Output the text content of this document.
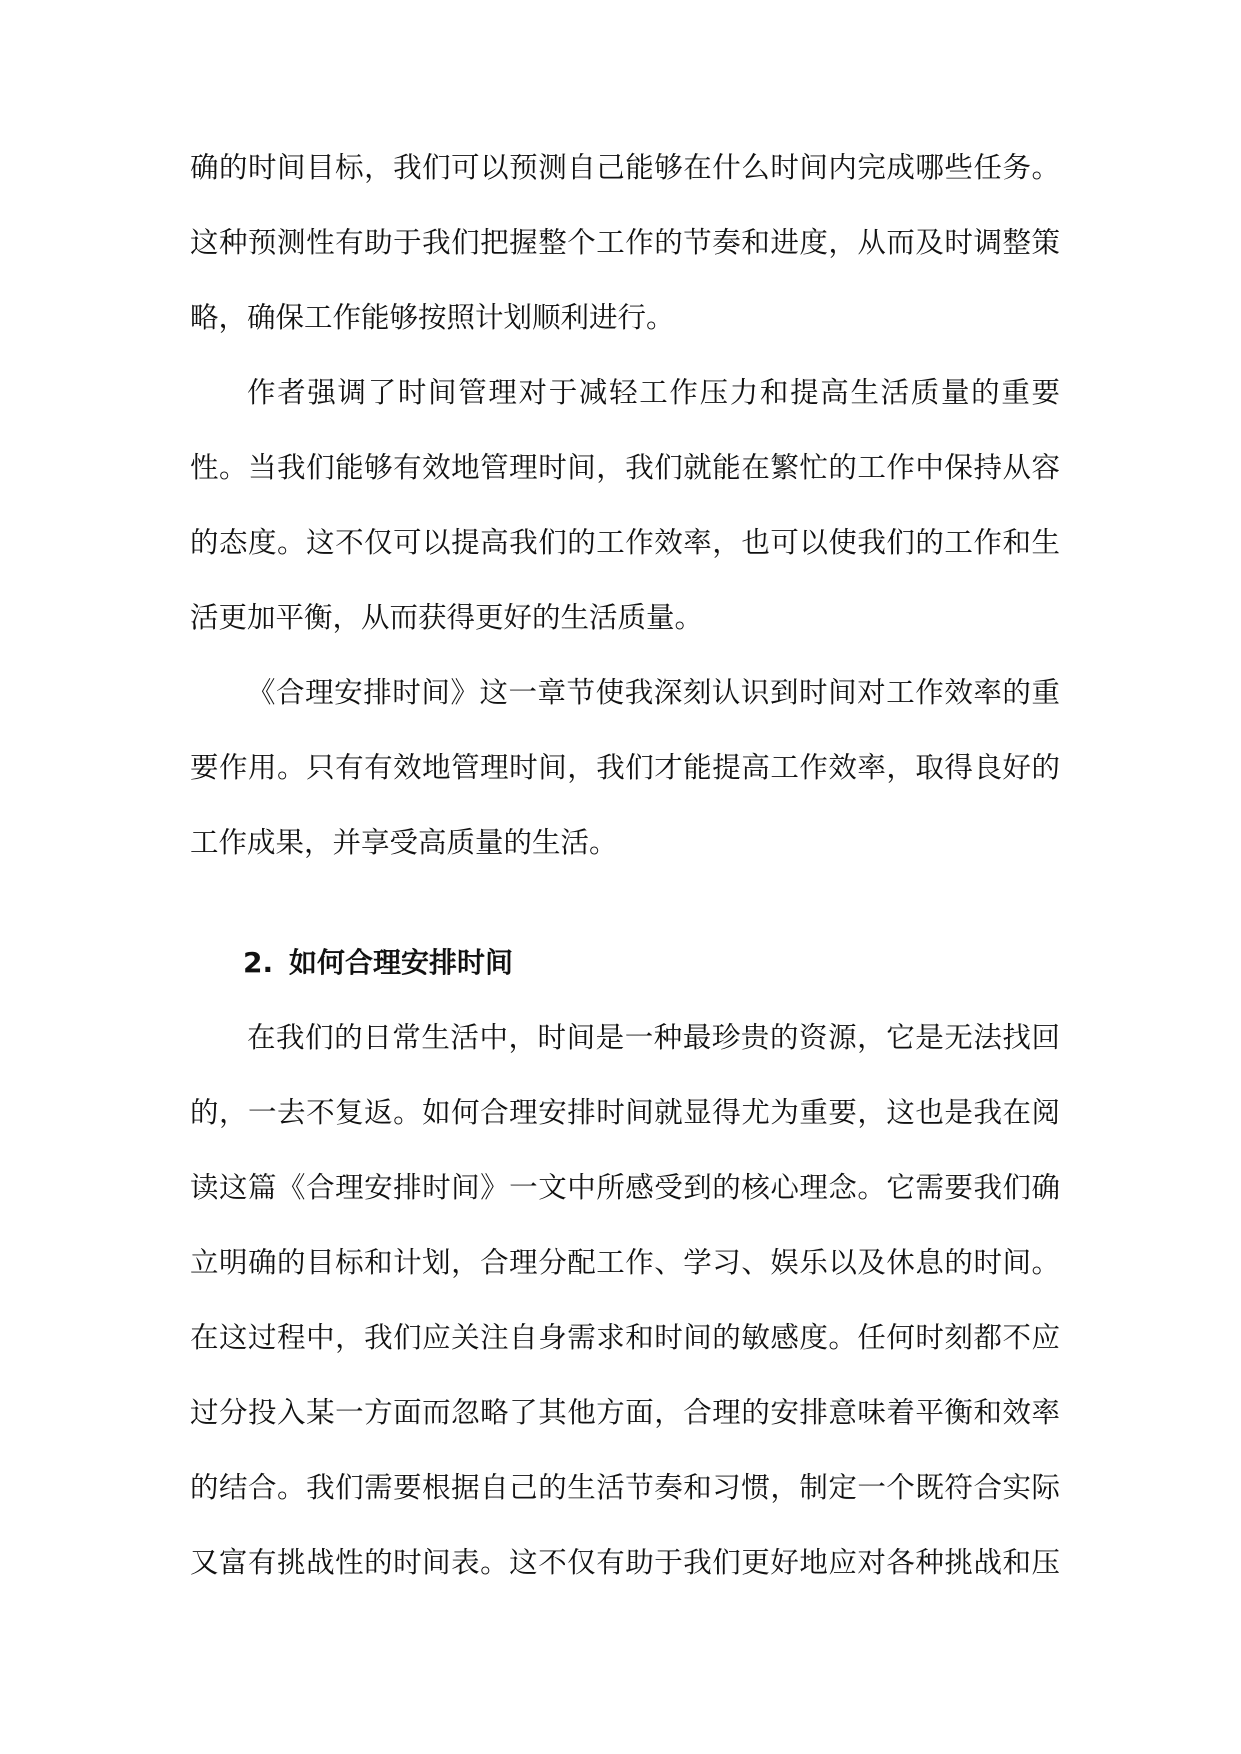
确的时间目标，我们可以预测自己能够在什么时间内完成哪些任务。
这种预测性有助于我们把握整个工作的节奏和进度，从而及时调整策
略，确保工作能够按照计划顺利进行。
作者强调了时间管理对于减轻工作压力和提高生活质量的重要
性。当我们能够有效地管理时间，我们就能在繁忙的工作中保持从容
的态度。这不仅可以提高我们的工作效率，也可以使我们的工作和生
活更加平衡，从而获得更好的生活质量。
《合理安排时间》这一章节使我深刻认识到时间对工作效率的重
要作用。只有有效地管理时间，我们才能提高工作效率，取得良好的
工作成果，并享受高质量的生活。
2. 如何合理安排时间
在我们的日常生活中，时间是一种最珍贵的资源，它是无法找回
的，一去不复返。如何合理安排时间就显得尤为重要，这也是我在阅
读这篇《合理安排时间》一文中所感受到的核心理念。它需要我们确
立明确的目标和计划，合理分配工作、学习、娱乐以及休息的时间。
在这过程中，我们应关注自身需求和时间的敏感度。任何时刻都不应
过分投入某一方面而忽略了其他方面，合理的安排意味着平衡和效率
的结合。我们需要根据自己的生活节奏和习惯，制定一个既符合实际
又富有挑战性的时间表。这不仅有助于我们更好地应对各种挑战和压
